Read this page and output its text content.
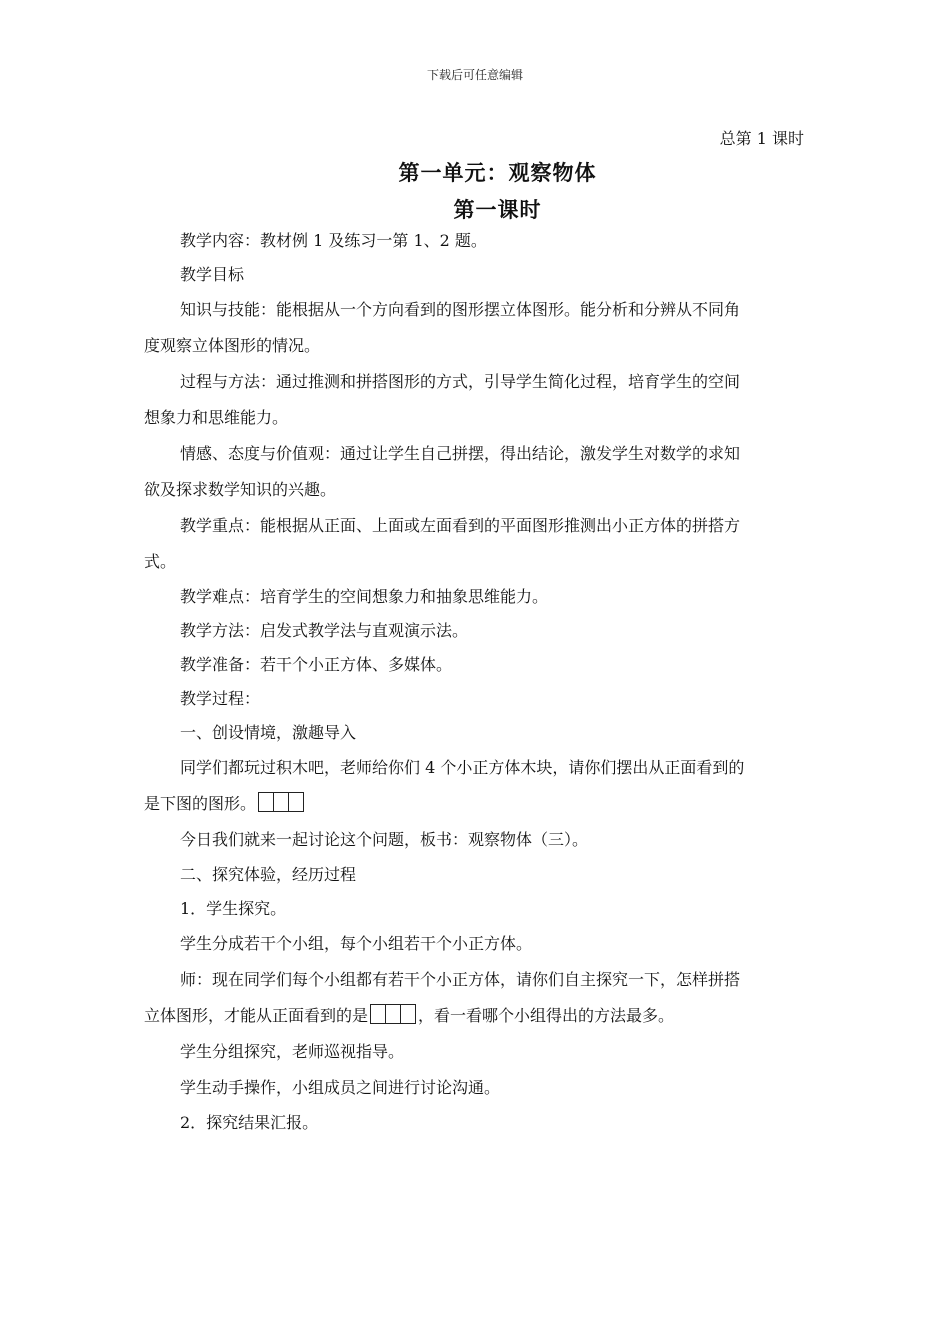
下载后可任意编辑
总第 1 课时
第一单元：观察物体
第一课时
教学内容：教材例 1 及练习一第 1、2 题。
教学目标
知识与技能：能根据从一个方向看到的图形摆立体图形。能分析和分辨从不同角
度观察立体图形的情况。
过程与方法：通过推测和拼搭图形的方式，引导学生简化过程，培育学生的空间
想象力和思维能力。
情感、态度与价值观：通过让学生自己拼摆，得出结论，激发学生对数学的求知
欲及探求数学知识的兴趣。
教学重点：能根据从正面、上面或左面看到的平面图形推测出小正方体的拼搭方
式。
教学难点：培育学生的空间想象力和抽象思维能力。
教学方法：启发式教学法与直观演示法。
教学准备：若干个小正方体、多媒体。
教学过程：
一、创设情境，激趣导入
同学们都玩过积木吧，老师给你们 4 个小正方体木块，请你们摆出从正面看到的
是下图的图形。
今日我们就来一起讨论这个问题，板书：观察物体（三）。
二、探究体验，经历过程
1．学生探究。
学生分成若干个小组，每个小组若干个小正方体。
师：现在同学们每个小组都有若干个小正方体，请你们自主探究一下，怎样拼搭
立体图形，才能从正面看到的是	，看一看哪个小组得出的方法最多。
学生分组探究，老师巡视指导。
学生动手操作，小组成员之间进行讨论沟通。
2．探究结果汇报。
